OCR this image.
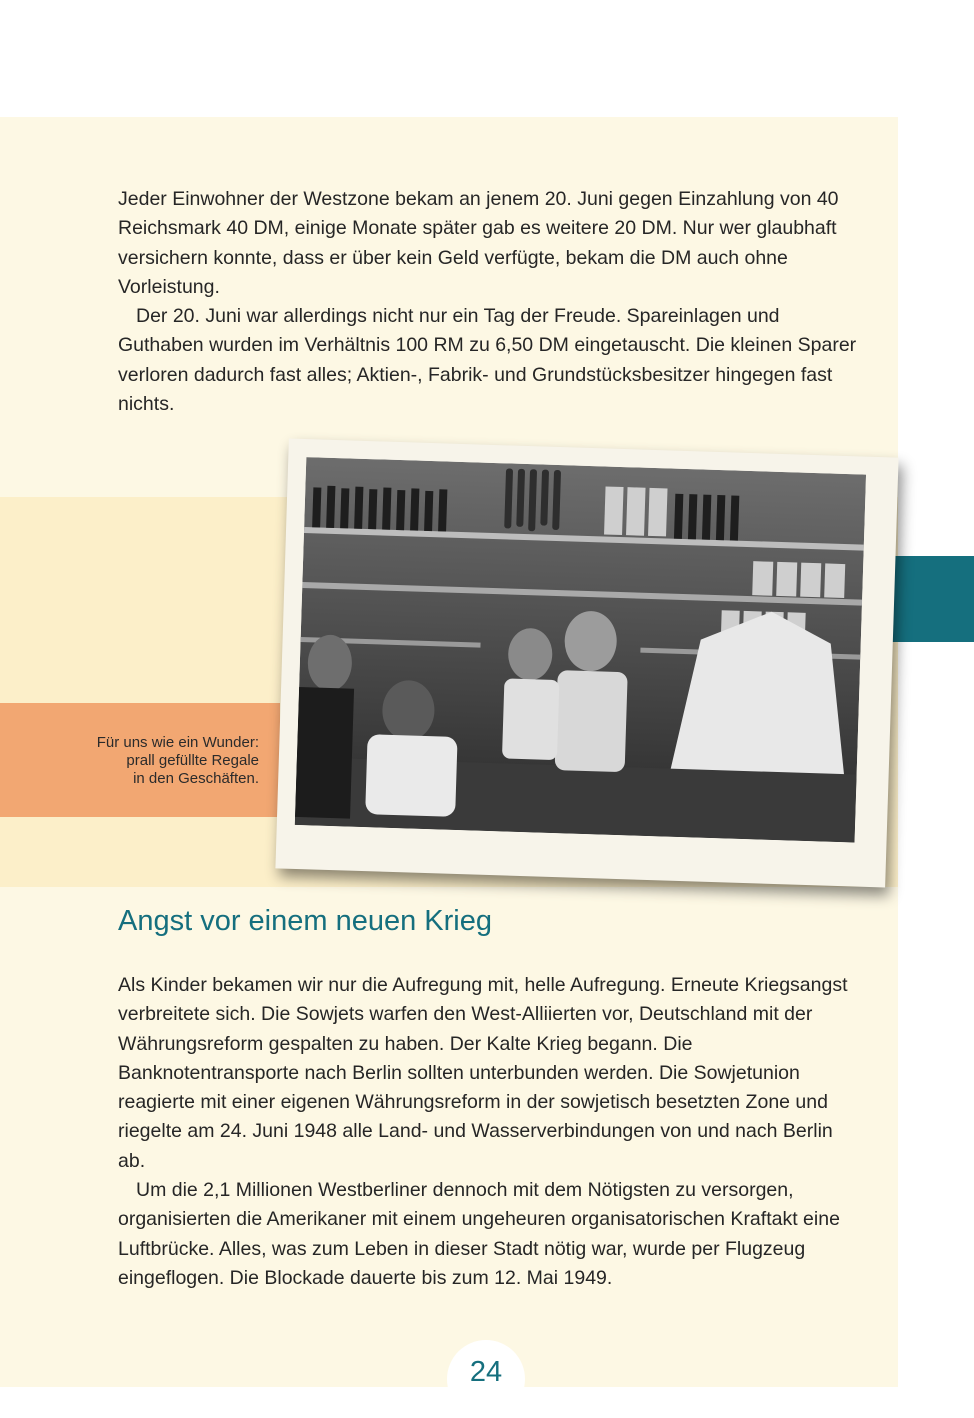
Jeder Einwohner der Westzone bekam an jenem 20. Juni gegen Einzahlung von 40 Reichsmark 40 DM, einige Monate später gab es weitere 20 DM. Nur wer glaubhaft versichern konnte, dass er über kein Geld verfügte, bekam die DM auch ohne Vorleistung.

Der 20. Juni war allerdings nicht nur ein Tag der Freude. Spareinlagen und Guthaben wurden im Verhältnis 100 RM zu 6,50 DM eingetauscht. Die kleinen Sparer verloren dadurch fast alles; Aktien-, Fabrik- und Grundstücksbesitzer hingegen fast nichts.

Für uns wie ein Wunder:
prall gefüllte Regale
in den Geschäften.
Angst vor einem neuen Krieg

Als Kinder bekamen wir nur die Aufregung mit, helle Aufregung. Erneute Kriegsangst verbreitete sich. Die Sowjets warfen den West-Alliierten vor, Deutschland mit der Währungsreform gespalten zu haben. Der Kalte Krieg begann. Die Banknotentransporte nach Berlin sollten unterbunden werden. Die Sowjetunion reagierte mit einer eigenen Währungsreform in der sowjetisch besetzten Zone und riegelte am 24. Juni 1948 alle Land- und Wasserverbindungen von und nach Berlin ab.

Um die 2,1 Millionen Westberliner dennoch mit dem Nötigsten zu versorgen, organisierten die Amerikaner mit einem ungeheuren organisatorischen Kraftakt eine Luftbrücke. Alles, was zum Leben in dieser Stadt nötig war, wurde per Flugzeug eingeflogen. Die Blockade dauerte bis zum 12. Mai 1949.

24
